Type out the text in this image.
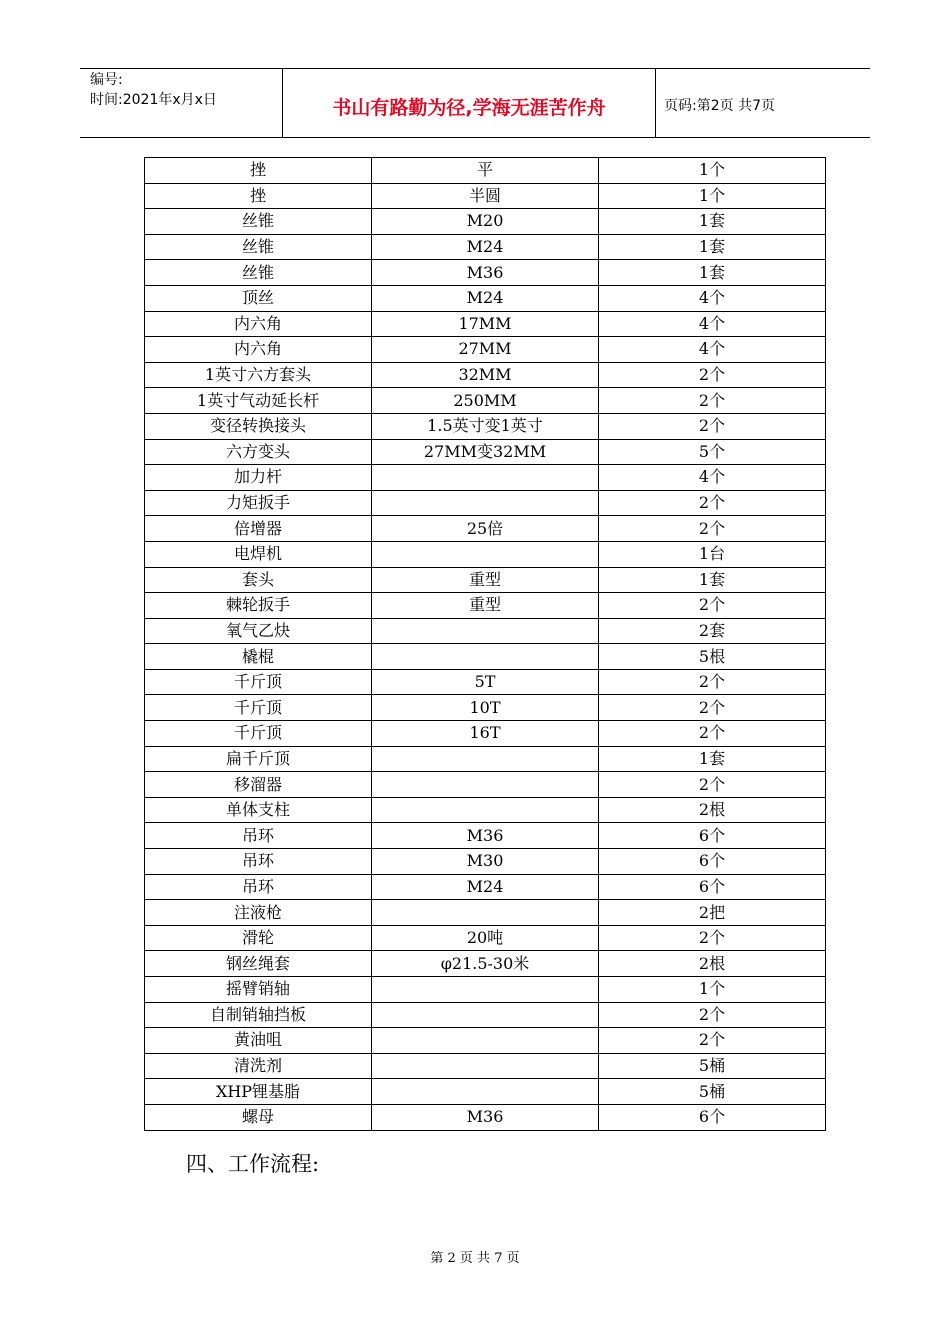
编号:
时间:2021年x月x日	书山有路勤为径,学海无涯苦作舟	页码:第2页 共7页
挫	平	1个
挫	半圆	1个
丝锥	M20	1套
丝锥	M24	1套
丝锥	M36	1套
顶丝	M24	4个
内六角	17MM	4个
内六角	27MM	4个
1英寸六方套头	32MM	2个
1英寸气动延长杆	250MM	2个
变径转换接头	1.5英寸变1英寸	2个
六方变头	27MM变32MM	5个
加力杆		4个
力矩扳手		2个
倍增器	25倍	2个
电焊机		1台
套头	重型	1套
棘轮扳手	重型	2个
氧气乙炔		2套
橇棍		5根
千斤顶	5T	2个
千斤顶	10T	2个
千斤顶	16T	2个
扁千斤顶		1套
移溜器		2个
单体支柱		2根
吊环	M36	6个
吊环	M30	6个
吊环	M24	6个
注液枪		2把
滑轮	20吨	2个
钢丝绳套	φ21.5-30米	2根
摇臂销轴		1个
自制销轴挡板		2个
黄油咀		2个
清洗剂		5桶
XHP锂基脂		5桶
螺母	M36	6个
四、工作流程:
第 2 页 共 7 页
